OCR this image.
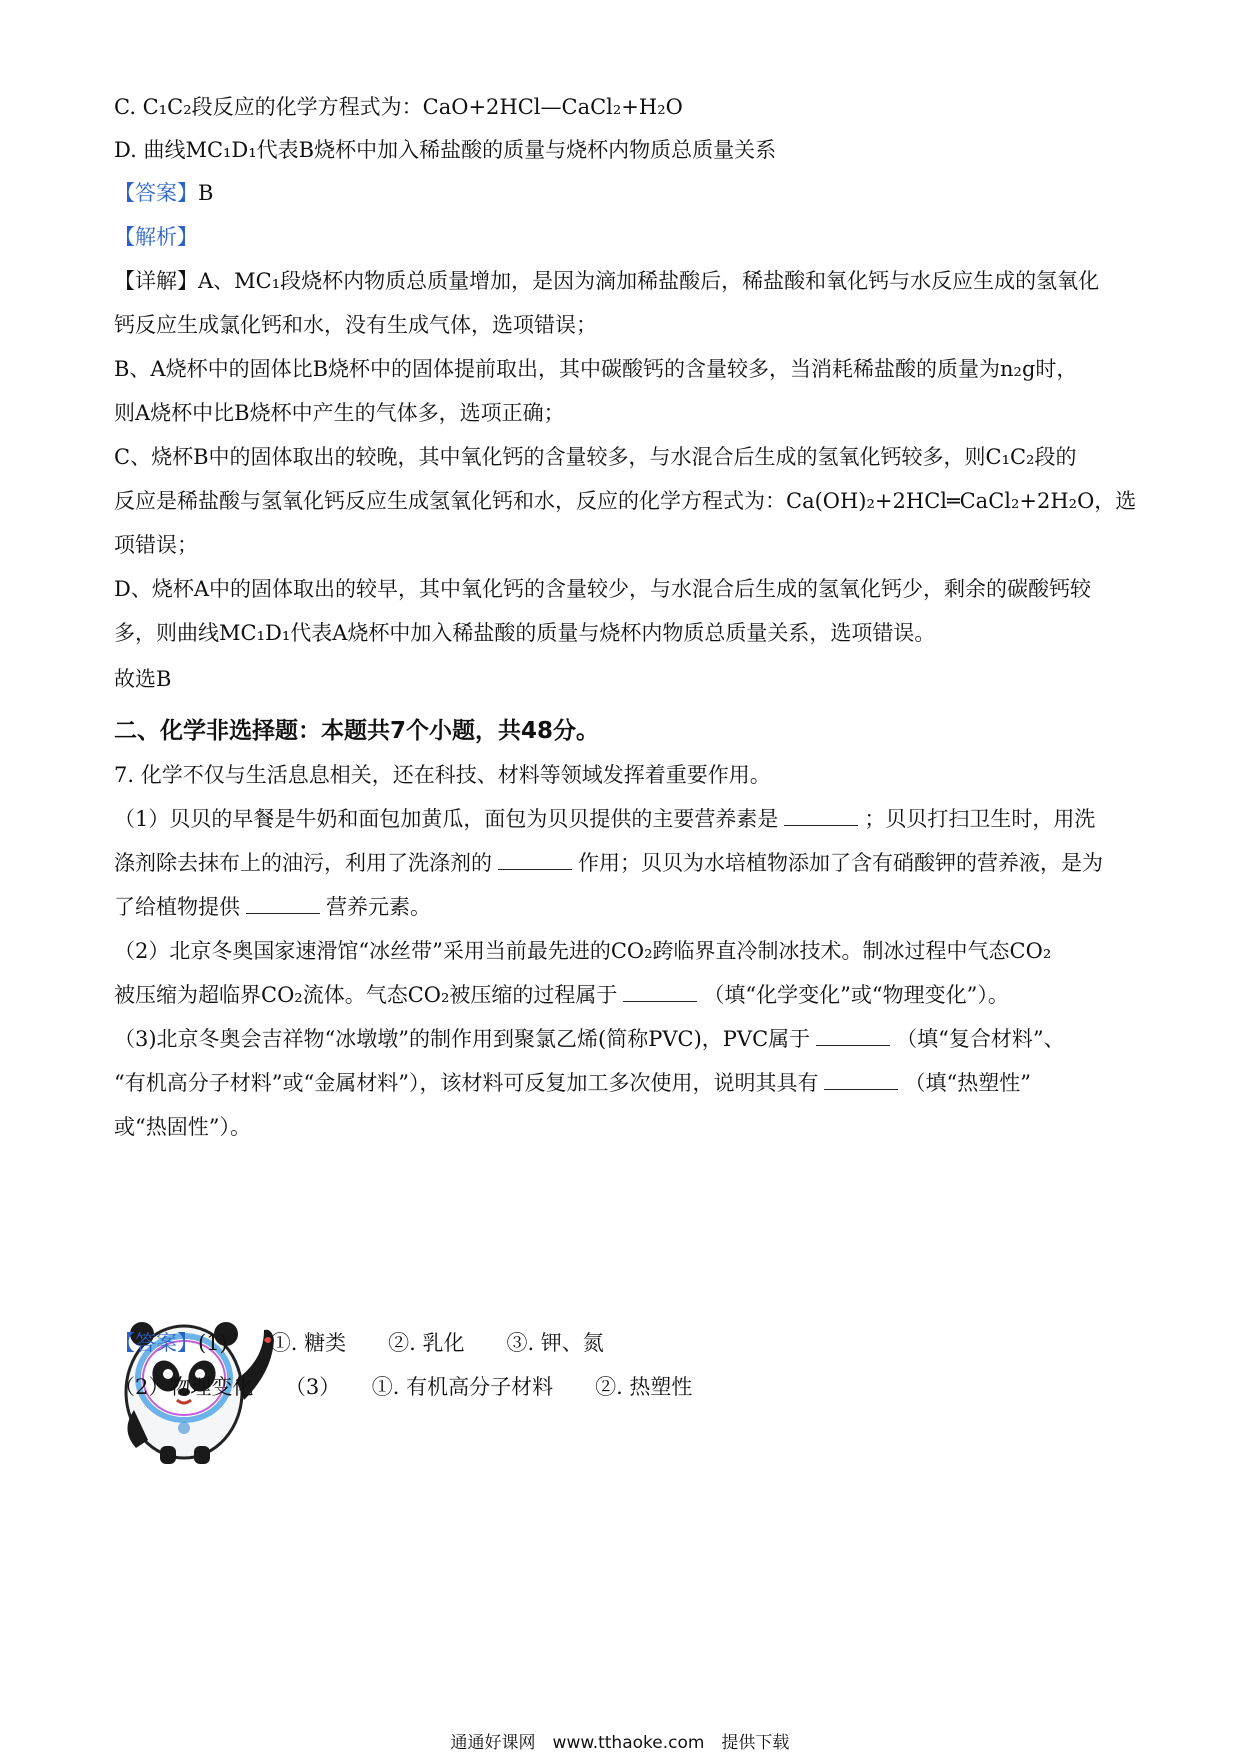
C. C₁C₂段反应的化学方程式为：CaO+2HCl—CaCl₂+H₂O
D. 曲线MC₁D₁代表B烧杯中加入稀盐酸的质量与烧杯内物质总质量关系
【答案】B
【解析】
【详解】A、MC₁段烧杯内物质总质量增加，是因为滴加稀盐酸后，稀盐酸和氧化钙与水反应生成的氢氧化
钙反应生成氯化钙和水，没有生成气体，选项错误；
B、A烧杯中的固体比B烧杯中的固体提前取出，其中碳酸钙的含量较多，当消耗稀盐酸的质量为n₂g时，
则A烧杯中比B烧杯中产生的气体多，选项正确；
C、烧杯B中的固体取出的较晚，其中氧化钙的含量较多，与水混合后生成的氢氧化钙较多，则C₁C₂段的
反应是稀盐酸与氢氧化钙反应生成氢氧化钙和水，反应的化学方程式为：Ca(OH)₂+2HCl═CaCl₂+2H₂O，选
项错误；
D、烧杯A中的固体取出的较早，其中氧化钙的含量较少，与水混合后生成的氢氧化钙少，剩余的碳酸钙较
多，则曲线MC₁D₁代表A烧杯中加入稀盐酸的质量与烧杯内物质总质量关系，选项错误。
故选B
二、化学非选择题：本题共7个小题，共48分。
7. 化学不仅与生活息息相关，还在科技、材料等领域发挥着重要作用。
（1）贝贝的早餐是牛奶和面包加黄瓜，面包为贝贝提供的主要营养素是	；贝贝打扫卫生时，用洗
涤剂除去抹布上的油污，利用了洗涤剂的	作用；贝贝为水培植物添加了含有硝酸钾的营养液，是为
了给植物提供	营养元素。
（2）北京冬奥国家速滑馆“冰丝带”采用当前最先进的CO₂跨临界直冷制冰技术。制冰过程中气态CO₂
被压缩为超临界CO₂流体。气态CO₂被压缩的过程属于	（填“化学变化”或“物理变化”）。
（3)北京冬奥会吉祥物“冰墩墩”的制作用到聚氯乙烯(简称PVC)，PVC属于	（填“复合材料”、
“有机高分子材料”或“金属材料”），该材料可反复加工多次使用，说明其具有	（填“热塑性”
或“热固性”）。
【答案】(1)　　①. 糖类　　②. 乳化　　③. 钾、氮
（2）物理变化　　（3）　　①. 有机高分子材料　　②. 热塑性
通通好课网　www.tthaoke.com　提供下载
